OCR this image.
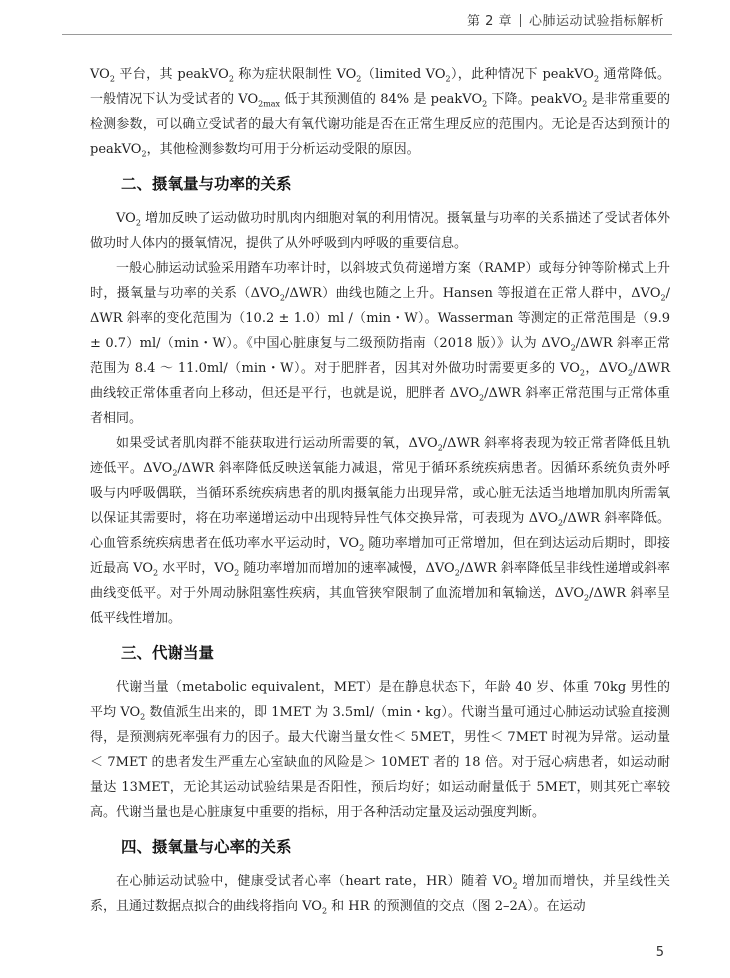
第 2 章 心肺运动试验指标解析

$VO_2$ 平台，其 peakVO$_2$ 称为症状限制性 $VO_2(limited$ $VO_2$），此种情况下 peakVO$_2$ 通常降低。一般情况下认为受试者的 $VO_{2max}$ 低于其预测值的 84% 是 peakVO$_2$ 下降。peakVO$_2$ 是非常重要的检测参数，可以确立受试者的最大有氧代谢功能是否在正常生理反应的范围内。无论是否达到预计的 peakVO$_2$，其他检测参数均可用于分析运动受限的原因。

二、摄氧量与功率的关系

$VO_2$ 增加反映了运动做功时肌肉内细胞对氧的利用情况。摄氧量与功率的关系描述了受试者体外做功时人体内的摄氧情况，提供了从外呼吸到内呼吸的重要信息。

一般心肺运动试验采用踏车功率计时，以斜坡式负荷递增方案（RAMP）或每分钟等阶梯式上升时，摄氧量与功率的关系$(\Delta VO_2/\Delta WR)$曲线也随之上升。Hansen 等报道在正常人群中，$\Delta VO_2$/ΔWR 斜率的变化范围为（10.2 ± 1.0）ml /（min・W）。Wasserman 等测定的正常范围是（9.9 ± 0.7）ml/（min・W）。《中国心脏康复与二级预防指南（2018 版）》认为 $\Delta VO_2$/ΔWR 斜率正常范围为 8.4 ～ 11.0ml/（min・W）。对于肥胖者，因其对外做功时需要更多的 $VO_2$，$\Delta VO_2$/ΔWR 曲线较正常体重者向上移动，但还是平行，也就是说，肥胖者 $\Delta VO_2$/ΔWR 斜率正常范围与正常体重者相同。

如果受试者肌肉群不能获取进行运动所需要的氧，$\Delta VO_2$/ΔWR 斜率将表现为较正常者降低且轨迹低平。$\Delta VO_2$/ΔWR 斜率降低反映送氧能力减退，常见于循环系统疾病患者。因循环系统负责外呼吸与内呼吸偶联，当循环系统疾病患者的肌肉摄氧能力出现异常，或心脏无法适当地增加肌肉所需氧以保证其需要时，将在功率递增运动中出现特异性气体交换异常，可表现为 $\Delta VO_2$/ΔWR 斜率降低。心血管系统疾病患者在低功率水平运动时，$VO_2$ 随功率增加可正常增加，但在到达运动后期时，即接近最高 $VO_2$ 水平时，$VO_2$ 随功率增加而增加的速率减慢，$\Delta VO_2$/ΔWR 斜率降低呈非线性递增或斜率曲线变低平。对于外周动脉阻塞性疾病，其血管狭窄限制了血流增加和氧输送，$\Delta VO_2$/ΔWR 斜率呈低平线性增加。

三、代谢当量

代谢当量（metabolic equivalent，MET）是在静息状态下，年龄 40 岁、体重 70kg 男性的平均 $VO_2$ 数值派生出来的，即 1MET 为 3.5ml/（min・kg）。代谢当量可通过心肺运动试验直接测得，是预测病死率强有力的因子。最大代谢当量女性＜ 5MET，男性＜ 7MET 时视为异常。运动量＜ 7MET 的患者发生严重左心室缺血的风险是＞ 10MET 者的 18 倍。对于冠心病患者，如运动耐量达 13MET，无论其运动试验结果是否阳性，预后均好；如运动耐量低于 5MET，则其死亡率较高。代谢当量也是心脏康复中重要的指标，用于各种活动定量及运动强度判断。

四、摄氧量与心率的关系

在心肺运动试验中，健康受试者心率（heart rate，HR）随着 $VO_2$ 增加而增快，并呈线性关系，且通过数据点拟合的曲线将指向 $VO_2$ 和 HR 的预测值的交点（图 2–2A）。在运动

5
